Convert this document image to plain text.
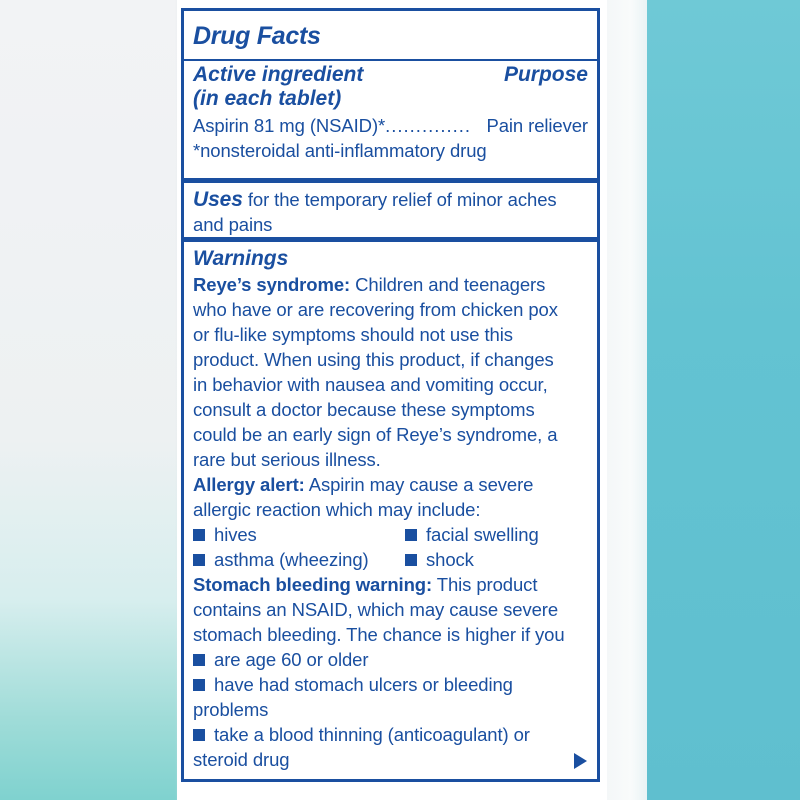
Drug Facts
Active ingredient
(in each tablet)
Purpose
Aspirin 81 mg (NSAID)* .............. Pain reliever
*nonsteroidal anti-inflammatory drug
Uses for the temporary relief of minor aches
and pains
Warnings
Reye’s syndrome: Children and teenagers
who have or are recovering from chicken pox
or flu-like symptoms should not use this
product. When using this product, if changes
in behavior with nausea and vomiting occur,
consult a doctor because these symptoms
could be an early sign of Reye’s syndrome, a
rare but serious illness.
Allergy alert: Aspirin may cause a severe
allergic reaction which may include:
hives	facial swelling
asthma (wheezing)	shock
Stomach bleeding warning: This product
contains an NSAID, which may cause severe
stomach bleeding. The chance is higher if you
are age 60 or older
have had stomach ulcers or bleeding
problems
take a blood thinning (anticoagulant) or
steroid drug
